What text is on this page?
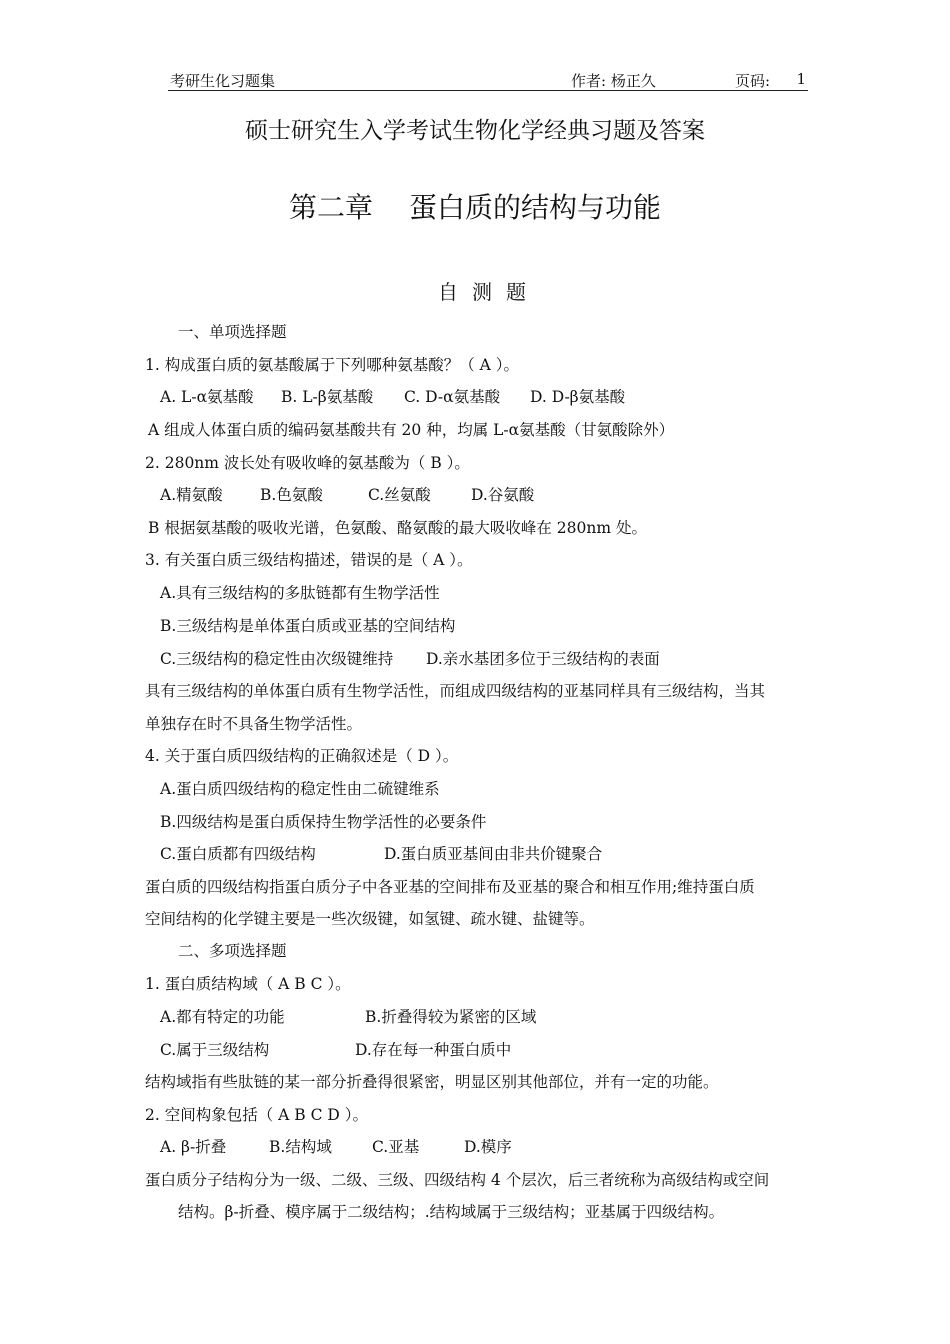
考研生化习题集	作者: 杨正久	页码: 1
硕士研究生入学考试生物化学经典习题及答案
第二章 蛋白质的结构与功能
自测题
一、单项选择题
1. 构成蛋白质的氨基酸属于下列哪种氨基酸？（ A ）。
A. L-α氨基酸 B. L-β氨基酸 C. D-α氨基酸 D. D-β氨基酸
A 组成人体蛋白质的编码氨基酸共有 20 种，均属 L-α氨基酸（甘氨酸除外）
2. 280nm 波长处有吸收峰的氨基酸为（ B ）。
A.精氨酸 B.色氨酸	C.丝氨酸	D.谷氨酸
B 根据氨基酸的吸收光谱，色氨酸、酪氨酸的最大吸收峰在 280nm 处。
3. 有关蛋白质三级结构描述，错误的是（ A ）。
A.具有三级结构的多肽链都有生物学活性
B.三级结构是单体蛋白质或亚基的空间结构
C.三级结构的稳定性由次级键维持 D.亲水基团多位于三级结构的表面
具有三级结构的单体蛋白质有生物学活性，而组成四级结构的亚基同样具有三级结构，当其
单独存在时不具备生物学活性。
4. 关于蛋白质四级结构的正确叙述是（ D ）。
A.蛋白质四级结构的稳定性由二硫键维系
B.四级结构是蛋白质保持生物学活性的必要条件
C.蛋白质都有四级结构	D.蛋白质亚基间由非共价键聚合
蛋白质的四级结构指蛋白质分子中各亚基的空间排布及亚基的聚合和相互作用;维持蛋白质
空间结构的化学键主要是一些次级键，如氢键、疏水键、盐键等。
二、多项选择题
1. 蛋白质结构域（ A B C ）。
A.都有特定的功能	B.折叠得较为紧密的区域
C.属于三级结构	D.存在每一种蛋白质中
结构域指有些肽链的某一部分折叠得很紧密，明显区别其他部位，并有一定的功能。
2. 空间构象包括（ A B C D ）。
A. β-折叠	B.结构域	C.亚基	D.模序
蛋白质分子结构分为一级、二级、三级、四级结构 4 个层次，后三者统称为高级结构或空间
结构。β-折叠、模序属于二级结构；.结构域属于三级结构；亚基属于四级结构。
